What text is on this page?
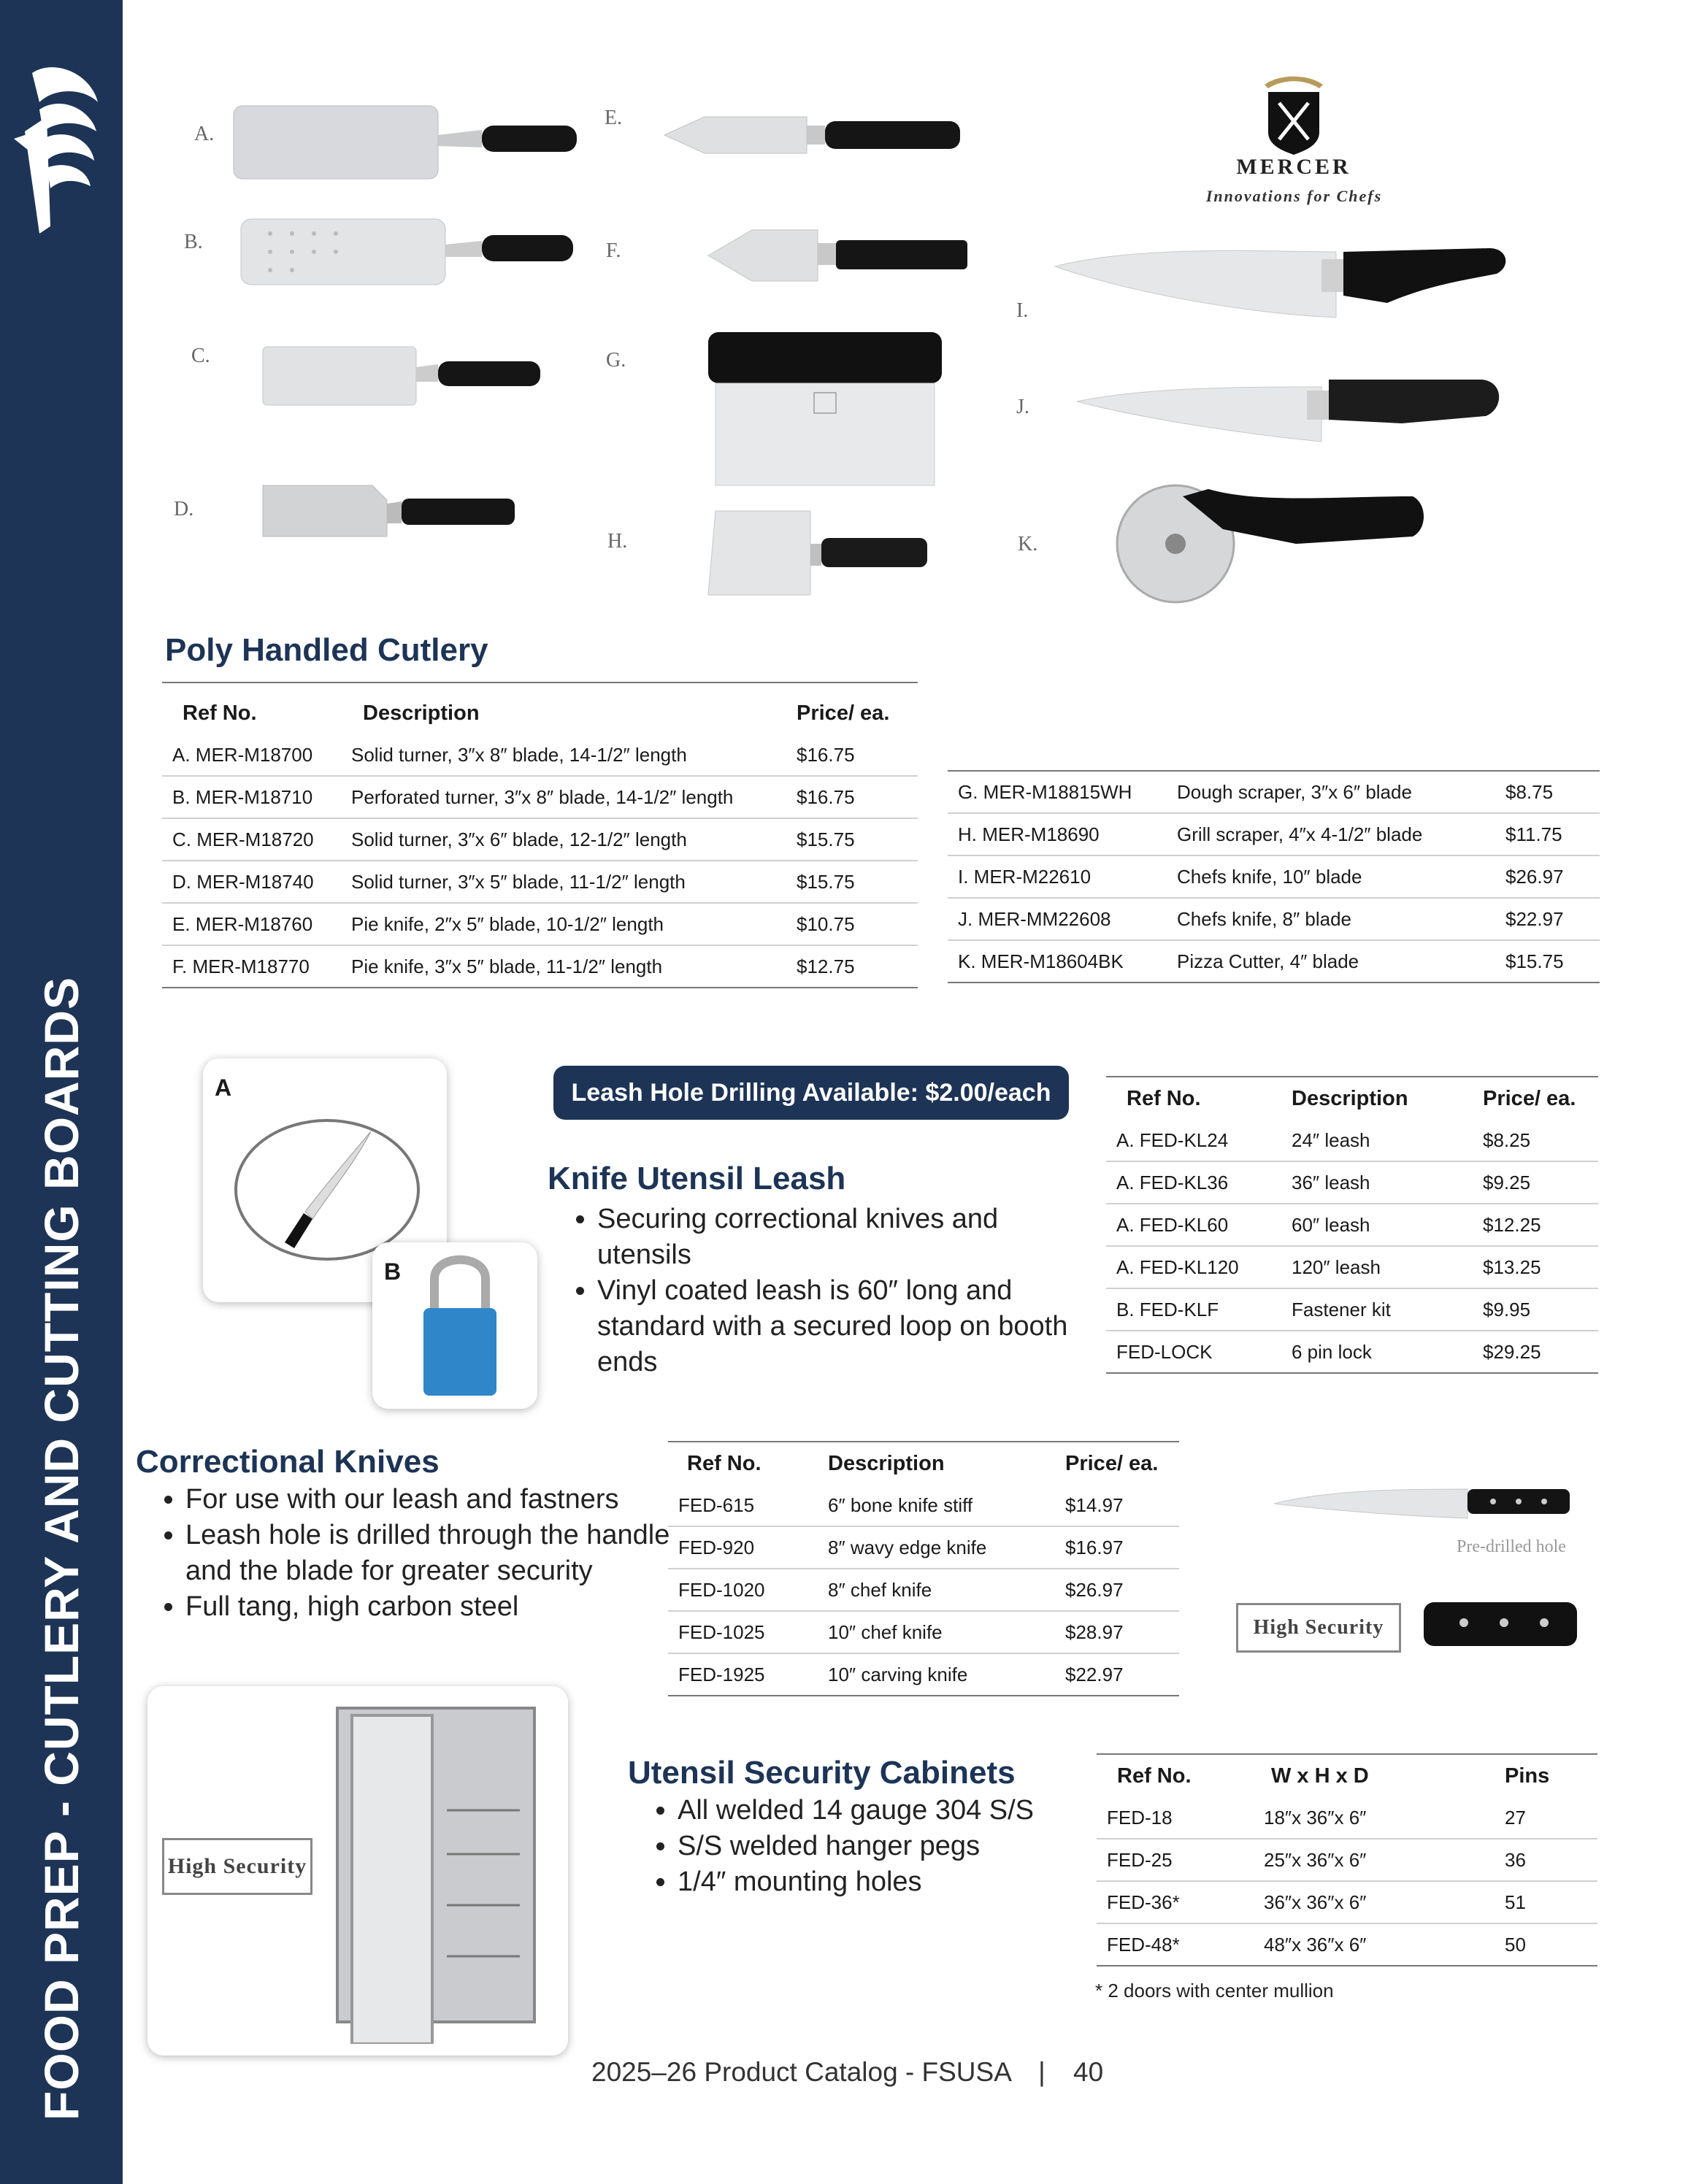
FOOD PREP - CUTLERY AND CUTTING BOARDS
A.
B.
C.
D.
E.
F.
G.
H.
I.
J.
K.
MERCER
Innovations for Chefs
Poly Handled Cutlery
Ref No.	Description	Price/ ea.
A. MER-M18700	Solid turner, 3″x 8″ blade, 14-1/2″ length	$16.75
B. MER-M18710	Perforated turner, 3″x 8″ blade, 14-1/2″ length	$16.75
C. MER-M18720	Solid turner, 3″x 6″ blade, 12-1/2″ length	$15.75
D. MER-M18740	Solid turner, 3″x 5″ blade, 11-1/2″ length	$15.75
E. MER-M18760	Pie knife, 2″x 5″ blade, 10-1/2″ length	$10.75
F. MER-M18770	Pie knife, 3″x 5″ blade, 11-1/2″ length	$12.75
G. MER-M18815WH	Dough scraper, 3″x 6″ blade	$8.75
H. MER-M18690	Grill scraper, 4″x 4-1/2″ blade	$11.75
I. MER-M22610	Chefs knife, 10″ blade	$26.97
J. MER-MM22608	Chefs knife, 8″ blade	$22.97
K. MER-M18604BK	Pizza Cutter, 4″ blade	$15.75
A
B
Leash Hole Drilling Available: $2.00/each
Knife Utensil Leash
• Securing correctional knives and utensils
• Vinyl coated leash is 60″ long and standard with a secured loop on booth ends
Ref No.	Description	Price/ ea.
A. FED-KL24	24″ leash	$8.25
A. FED-KL36	36″ leash	$9.25
A. FED-KL60	60″ leash	$12.25
A. FED-KL120	120″ leash	$13.25
B. FED-KLF	Fastener kit	$9.95
FED-LOCK	6 pin lock	$29.25
Correctional Knives
• For use with our leash and fastners
• Leash hole is drilled through the handle and the blade for greater security
• Full tang, high carbon steel
Ref No.	Description	Price/ ea.
FED-615	6″ bone knife stiff	$14.97
FED-920	8″ wavy edge knife	$16.97
FED-1020	8″ chef knife	$26.97
FED-1025	10″ chef knife	$28.97
FED-1925	10″ carving knife	$22.97
Pre-drilled hole
High Security
High Security
Utensil Security Cabinets
• All welded 14 gauge 304 S/S
• S/S welded hanger pegs
• 1/4″ mounting holes
Ref No.	W x H x D	Pins
FED-18	18″x 36″x 6″	27
FED-25	25″x 36″x 6″	36
FED-36*	36″x 36″x 6″	51
FED-48*	48″x 36″x 6″	50
* 2 doors with center mullion
2025–26 Product Catalog - FSUSA | 40
